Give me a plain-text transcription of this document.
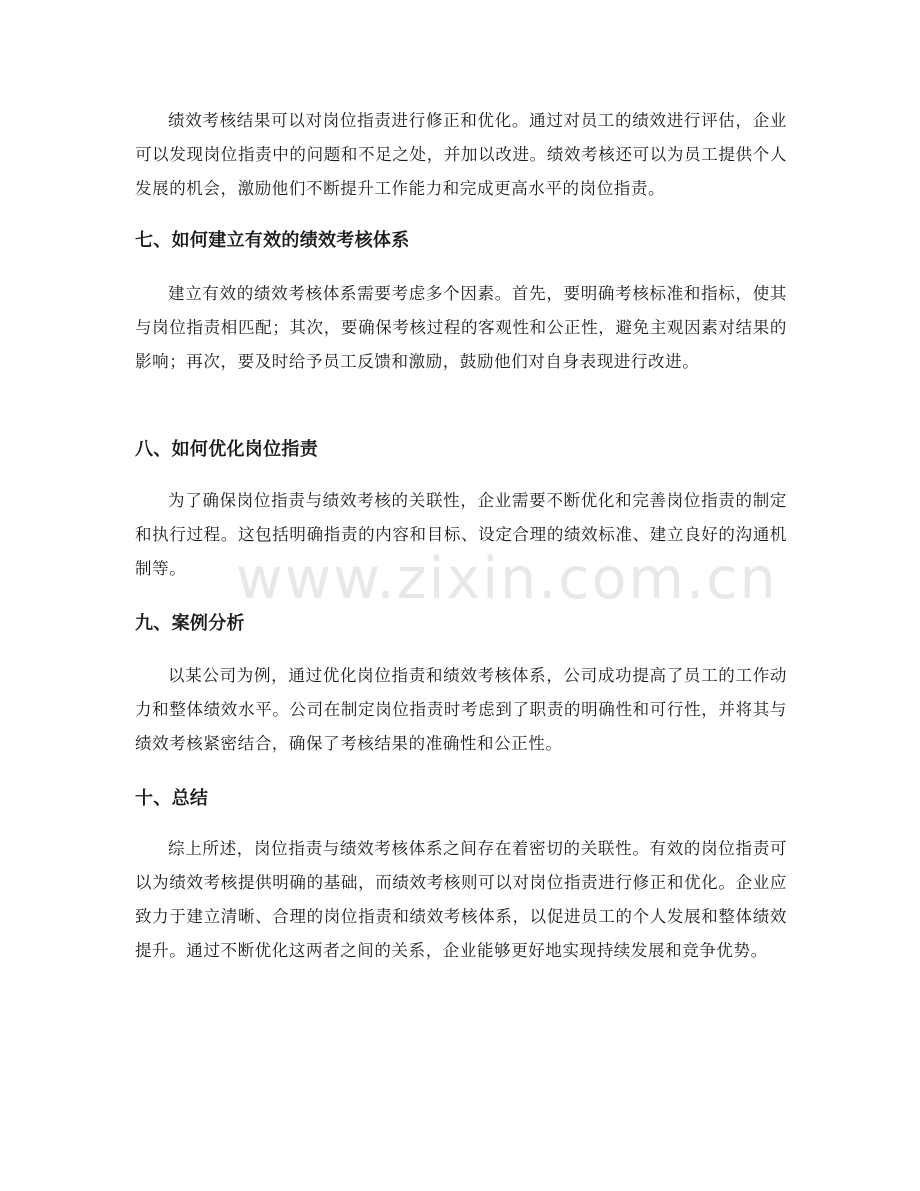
绩效考核结果可以对岗位指责进行修正和优化。通过对员工的绩效进行评估，企业可以发现岗位指责中的问题和不足之处，并加以改进。绩效考核还可以为员工提供个人发展的机会，激励他们不断提升工作能力和完成更高水平的岗位指责。

七、如何建立有效的绩效考核体系

建立有效的绩效考核体系需要考虑多个因素。首先，要明确考核标准和指标，使其与岗位指责相匹配；其次，要确保考核过程的客观性和公正性，避免主观因素对结果的影响；再次，要及时给予员工反馈和激励，鼓励他们对自身表现进行改进。

八、如何优化岗位指责

为了确保岗位指责与绩效考核的关联性，企业需要不断优化和完善岗位指责的制定和执行过程。这包括明确指责的内容和目标、设定合理的绩效标准、建立良好的沟通机制等。

九、案例分析

以某公司为例，通过优化岗位指责和绩效考核体系，公司成功提高了员工的工作动力和整体绩效水平。公司在制定岗位指责时考虑到了职责的明确性和可行性，并将其与绩效考核紧密结合，确保了考核结果的准确性和公正性。

十、总结

综上所述，岗位指责与绩效考核体系之间存在着密切的关联性。有效的岗位指责可以为绩效考核提供明确的基础，而绩效考核则可以对岗位指责进行修正和优化。企业应致力于建立清晰、合理的岗位指责和绩效考核体系，以促进员工的个人发展和整体绩效提升。通过不断优化这两者之间的关系，企业能够更好地实现持续发展和竞争优势。

www.zixin.com.cn
